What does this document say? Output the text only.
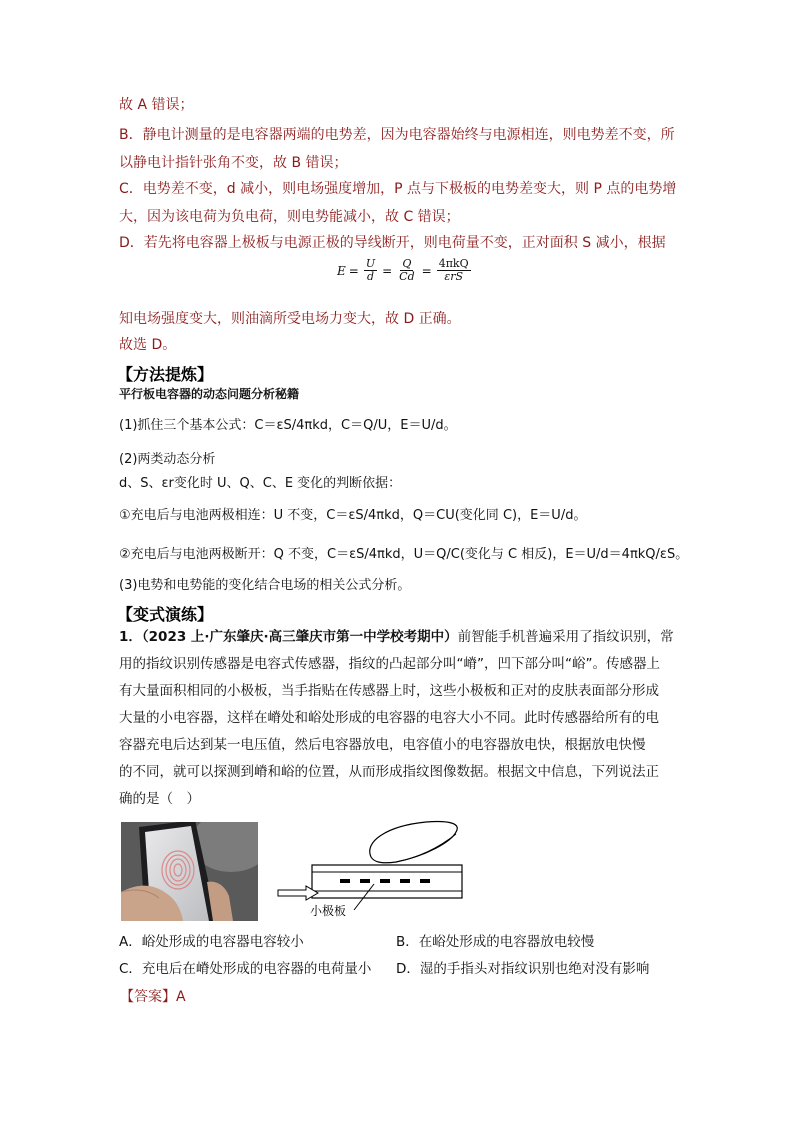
故 A 错误；
B．静电计测量的是电容器两端的电势差，因为电容器始终与电源相连，则电势差不变，所
以静电计指针张角不变，故 B 错误；
C．电势差不变，d 减小，则电场强度增加，P 点与下极板的电势差变大，则 P 点的电势增
大，因为该电荷为负电荷，则电势能减小，故 C 错误；
D．若先将电容器上极板与电源正极的导线断开，则电荷量不变，正对面积 S 减小，根据
$E = \frac{U}{d} = \frac{Q}{Cd} = \frac{\text{4πkQ}}{\text{εrS}}$
知电场强度变大，则油滴所受电场力变大，故 D 正确。
故选 D。
【方法提炼】
平行板电容器的动态问题分析秘籍
(1)抓住三个基本公式：C＝εS/4πkd，C＝Q/U，E＝U/d。
(2)两类动态分析
d、S、εr变化时 U、Q、C、E 变化的判断依据：
①充电后与电池两极相连：U 不变，C＝εS/4πkd，Q＝CU(变化同 C)，E＝U/d。
②充电后与电池两极断开：Q 不变，C＝εS/4πkd，U＝Q/C(变化与 C 相反)，E＝U/d＝4πkQ/εS。
(3)电势和电势能的变化结合电场的相关公式分析。
【变式演练】
1．（2023 上·广东肇庆·高三肇庆市第一中学校考期中）前智能手机普遍采用了指纹识别，常
用的指纹识别传感器是电容式传感器，指纹的凸起部分叫“嵴”，凹下部分叫“峪”。传感器上
有大量面积相同的小极板，当手指贴在传感器上时，这些小极板和正对的皮肤表面部分形成
大量的小电容器，这样在嵴处和峪处形成的电容器的电容大小不同。此时传感器给所有的电
容器充电后达到某一电压值，然后电容器放电，电容值小的电容器放电快，根据放电快慢
的不同，就可以探测到嵴和峪的位置，从而形成指纹图像数据。根据文中信息，下列说法正
确的是（　）
小极板
A．峪处形成的电容器电容较小	B．在峪处形成的电容器放电较慢
C．充电后在嵴处形成的电容器的电荷量小 D．湿的手指头对指纹识别也绝对没有影响
【答案】A
